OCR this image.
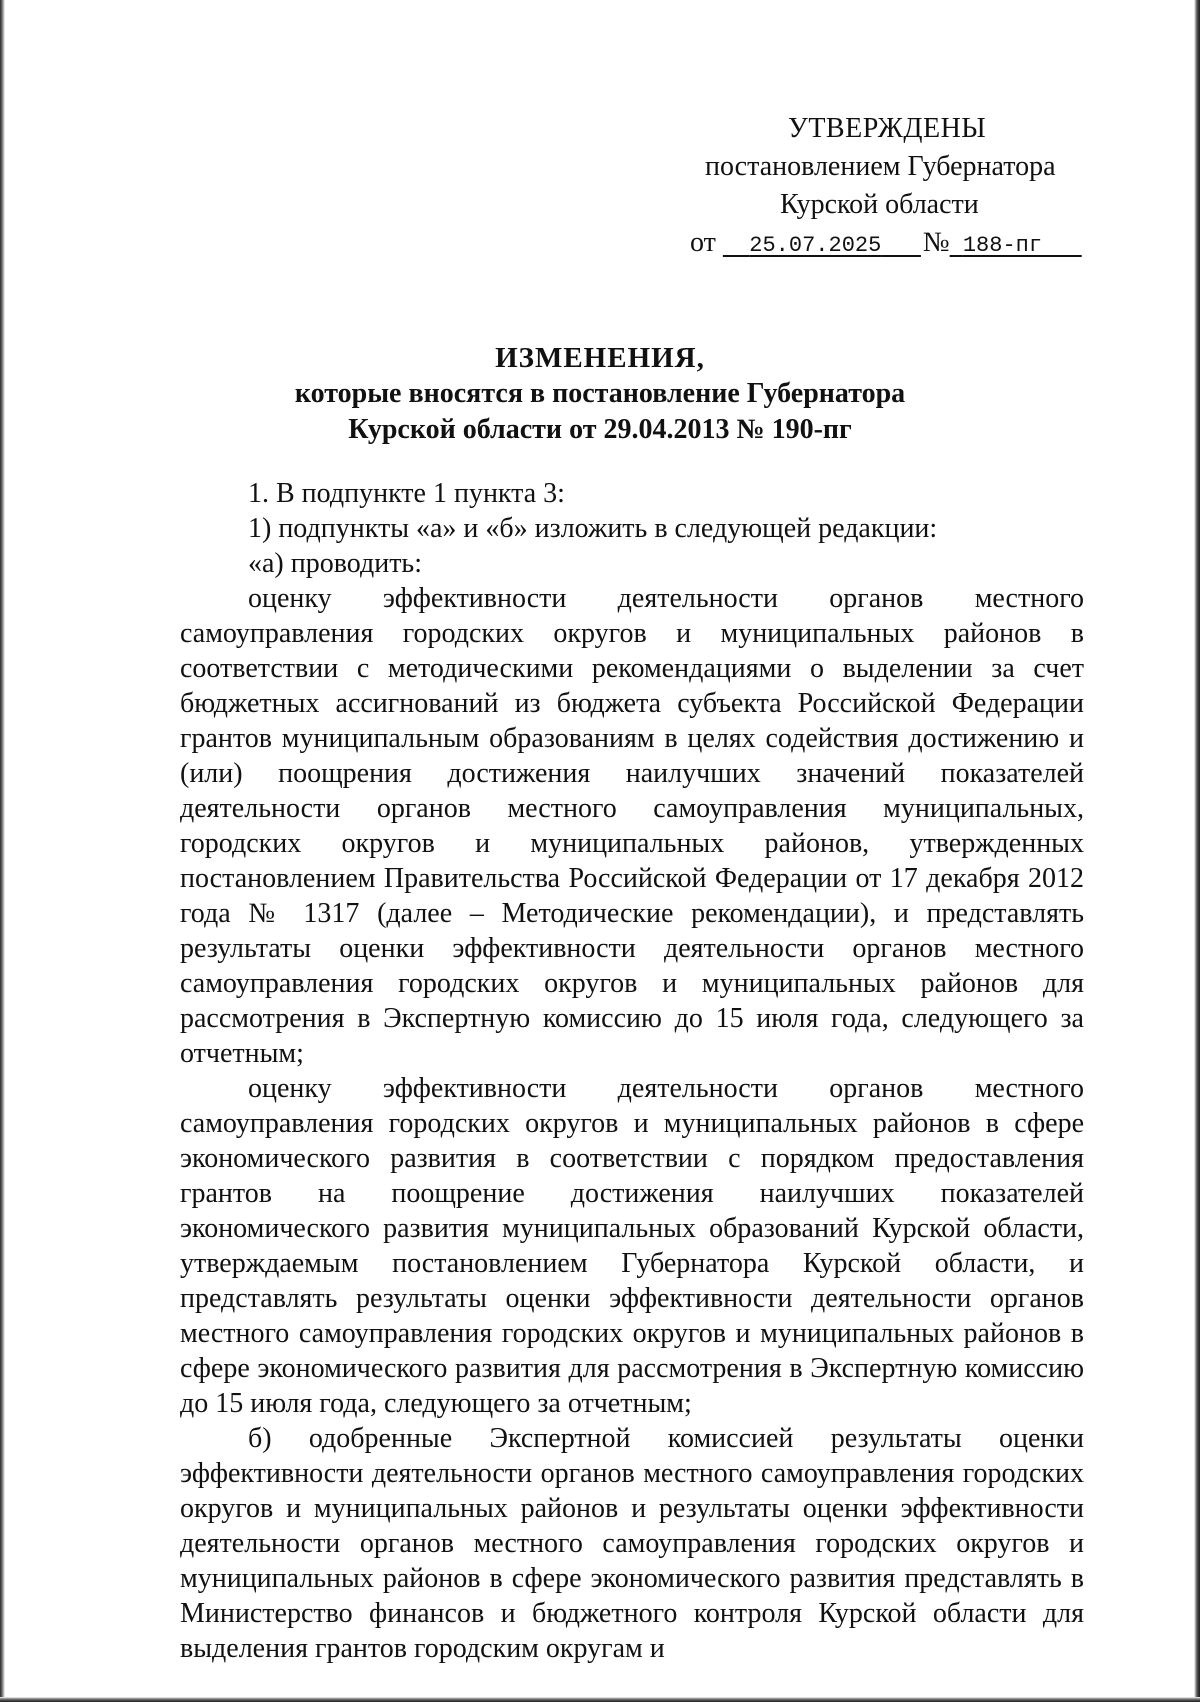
УТВЕРЖДЕНЫ
постановлением Губернатора
Курской области
от 25.07.2025 № 188-пг
ИЗМЕНЕНИЯ,
которые вносятся в постановление Губернатора
Курской области от 29.04.2013 № 190-пг

1. В подпункте 1 пункта 3:

1) подпункты «а» и «б» изложить в следующей редакции:

«а) проводить:

оценку эффективности деятельности органов местного самоуправления городских округов и муниципальных районов в соответствии с методическими рекомендациями о выделении за счет бюджетных ассигнований из бюджета субъекта Российской Федерации грантов муниципальным образованиям в целях содействия достижению и (или) поощрения достижения наилучших значений показателей деятельности органов местного самоуправления муниципальных, городских округов и муниципальных районов, утвержденных постановлением Правительства Российской Федерации от 17 декабря 2012 года № 1317 (далее – Методические рекомендации), и представлять результаты оценки эффективности деятельности органов местного самоуправления городских округов и муниципальных районов для рассмотрения в Экспертную комиссию до 15 июля года, следующего за отчетным;

оценку эффективности деятельности органов местного самоуправления городских округов и муниципальных районов в сфере экономического развития в соответствии с порядком предоставления грантов на поощрение достижения наилучших показателей экономического развития муниципальных образований Курской области, утверждаемым постановлением Губернатора Курской области, и представлять результаты оценки эффективности деятельности органов местного самоуправления городских округов и муниципальных районов в сфере экономического развития для рассмотрения в Экспертную комиссию до 15 июля года, следующего за отчетным;

б) одобренные Экспертной комиссией результаты оценки эффективности деятельности органов местного самоуправления городских округов и муниципальных районов и результаты оценки эффективности деятельности органов местного самоуправления городских округов и муниципальных районов в сфере экономического развития представлять в Министерство финансов и бюджетного контроля Курской области для выделения грантов городским округам и
